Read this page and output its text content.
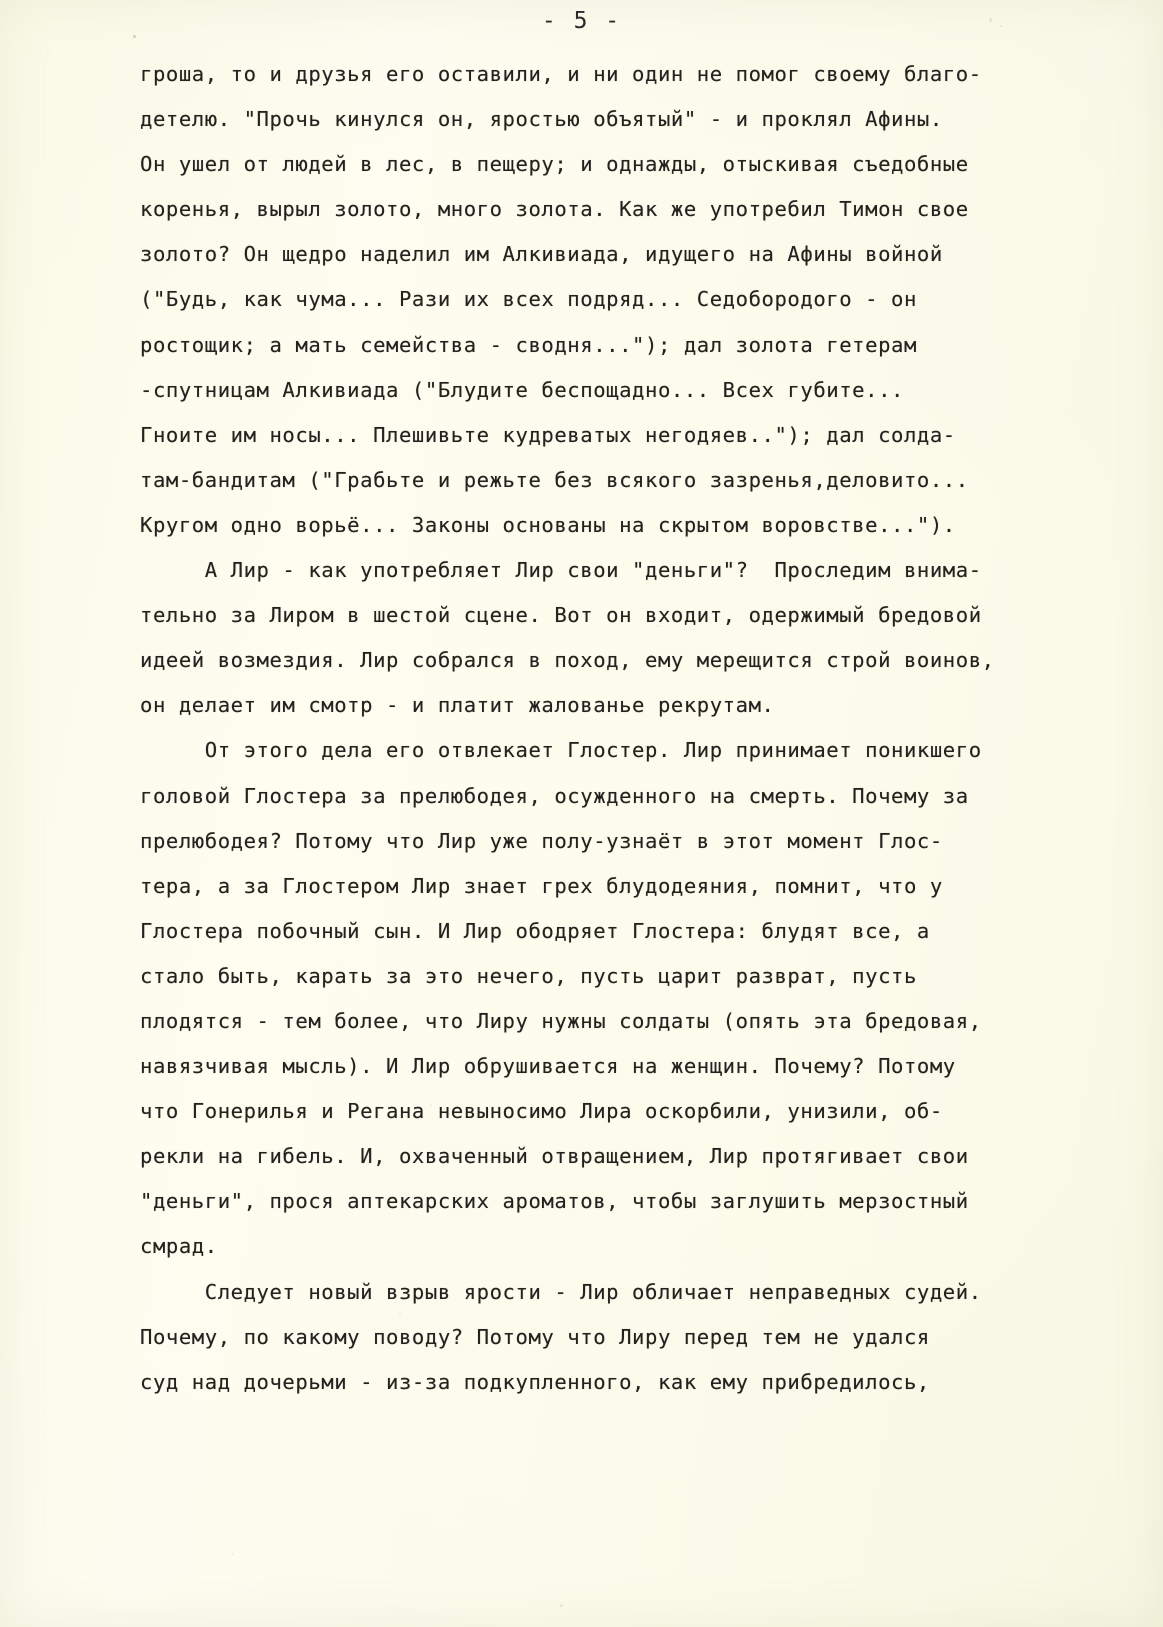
- 5 -
гроша, то и друзья его оставили, и ни один не помог своему благо-
детелю. "Прочь кинулся он, яростью объятый" - и проклял Афины.
Он ушел от людей в лес, в пещеру; и однажды, отыскивая съедобные
коренья, вырыл золото, много золота. Как же употребил Тимон свое
золото? Он щедро наделил им Алкивиада, идущего на Афины войной
("Будь, как чума... Рази их всех подряд... Седобородого - он
ростощик; а мать семейства - сводня..."); дал золота гетерам
-спутницам Алкивиада ("Блудите беспощадно... Всех губите...
Гноите им носы... Плешивьте кудреватых негодяев.."); дал солда-
там-бандитам ("Грабьте и режьте без всякого зазренья,деловито...
Кругом одно ворьё... Законы основаны на скрытом воровстве...").
А Лир - как употребляет Лир свои "деньги"?  Проследим внима-
тельно за Лиром в шестой сцене. Вот он входит, одержимый бредовой
идеей возмездия. Лир собрался в поход, ему мерещится строй воинов,
он делает им смотр - и платит жалованье рекрутам.
От этого дела его отвлекает Глостер. Лир принимает поникшего
головой Глостера за прелюбодея, осужденного на смерть. Почему за
прелюбодея? Потому что Лир уже полу-узнаёт в этот момент Глос-
тера, а за Глостером Лир знает грех блудодеяния, помнит, что у
Глостера побочный сын. И Лир ободряет Глостера: блудят все, а
стало быть, карать за это нечего, пусть царит разврат, пусть
плодятся - тем более, что Лиру нужны солдаты (опять эта бредовая,
навязчивая мысль). И Лир обрушивается на женщин. Почему? Потому
что Гонерилья и Регана невыносимо Лира оскорбили, унизили, об-
рекли на гибель. И, охваченный отвращением, Лир протягивает свои
"деньги", прося аптекарских ароматов, чтобы заглушить мерзостный
смрад.
Следует новый взрыв ярости - Лир обличает неправедных судей.
Почему, по какому поводу? Потому что Лиру перед тем не удался
суд над дочерьми - из-за подкупленного, как ему прибредилось,
